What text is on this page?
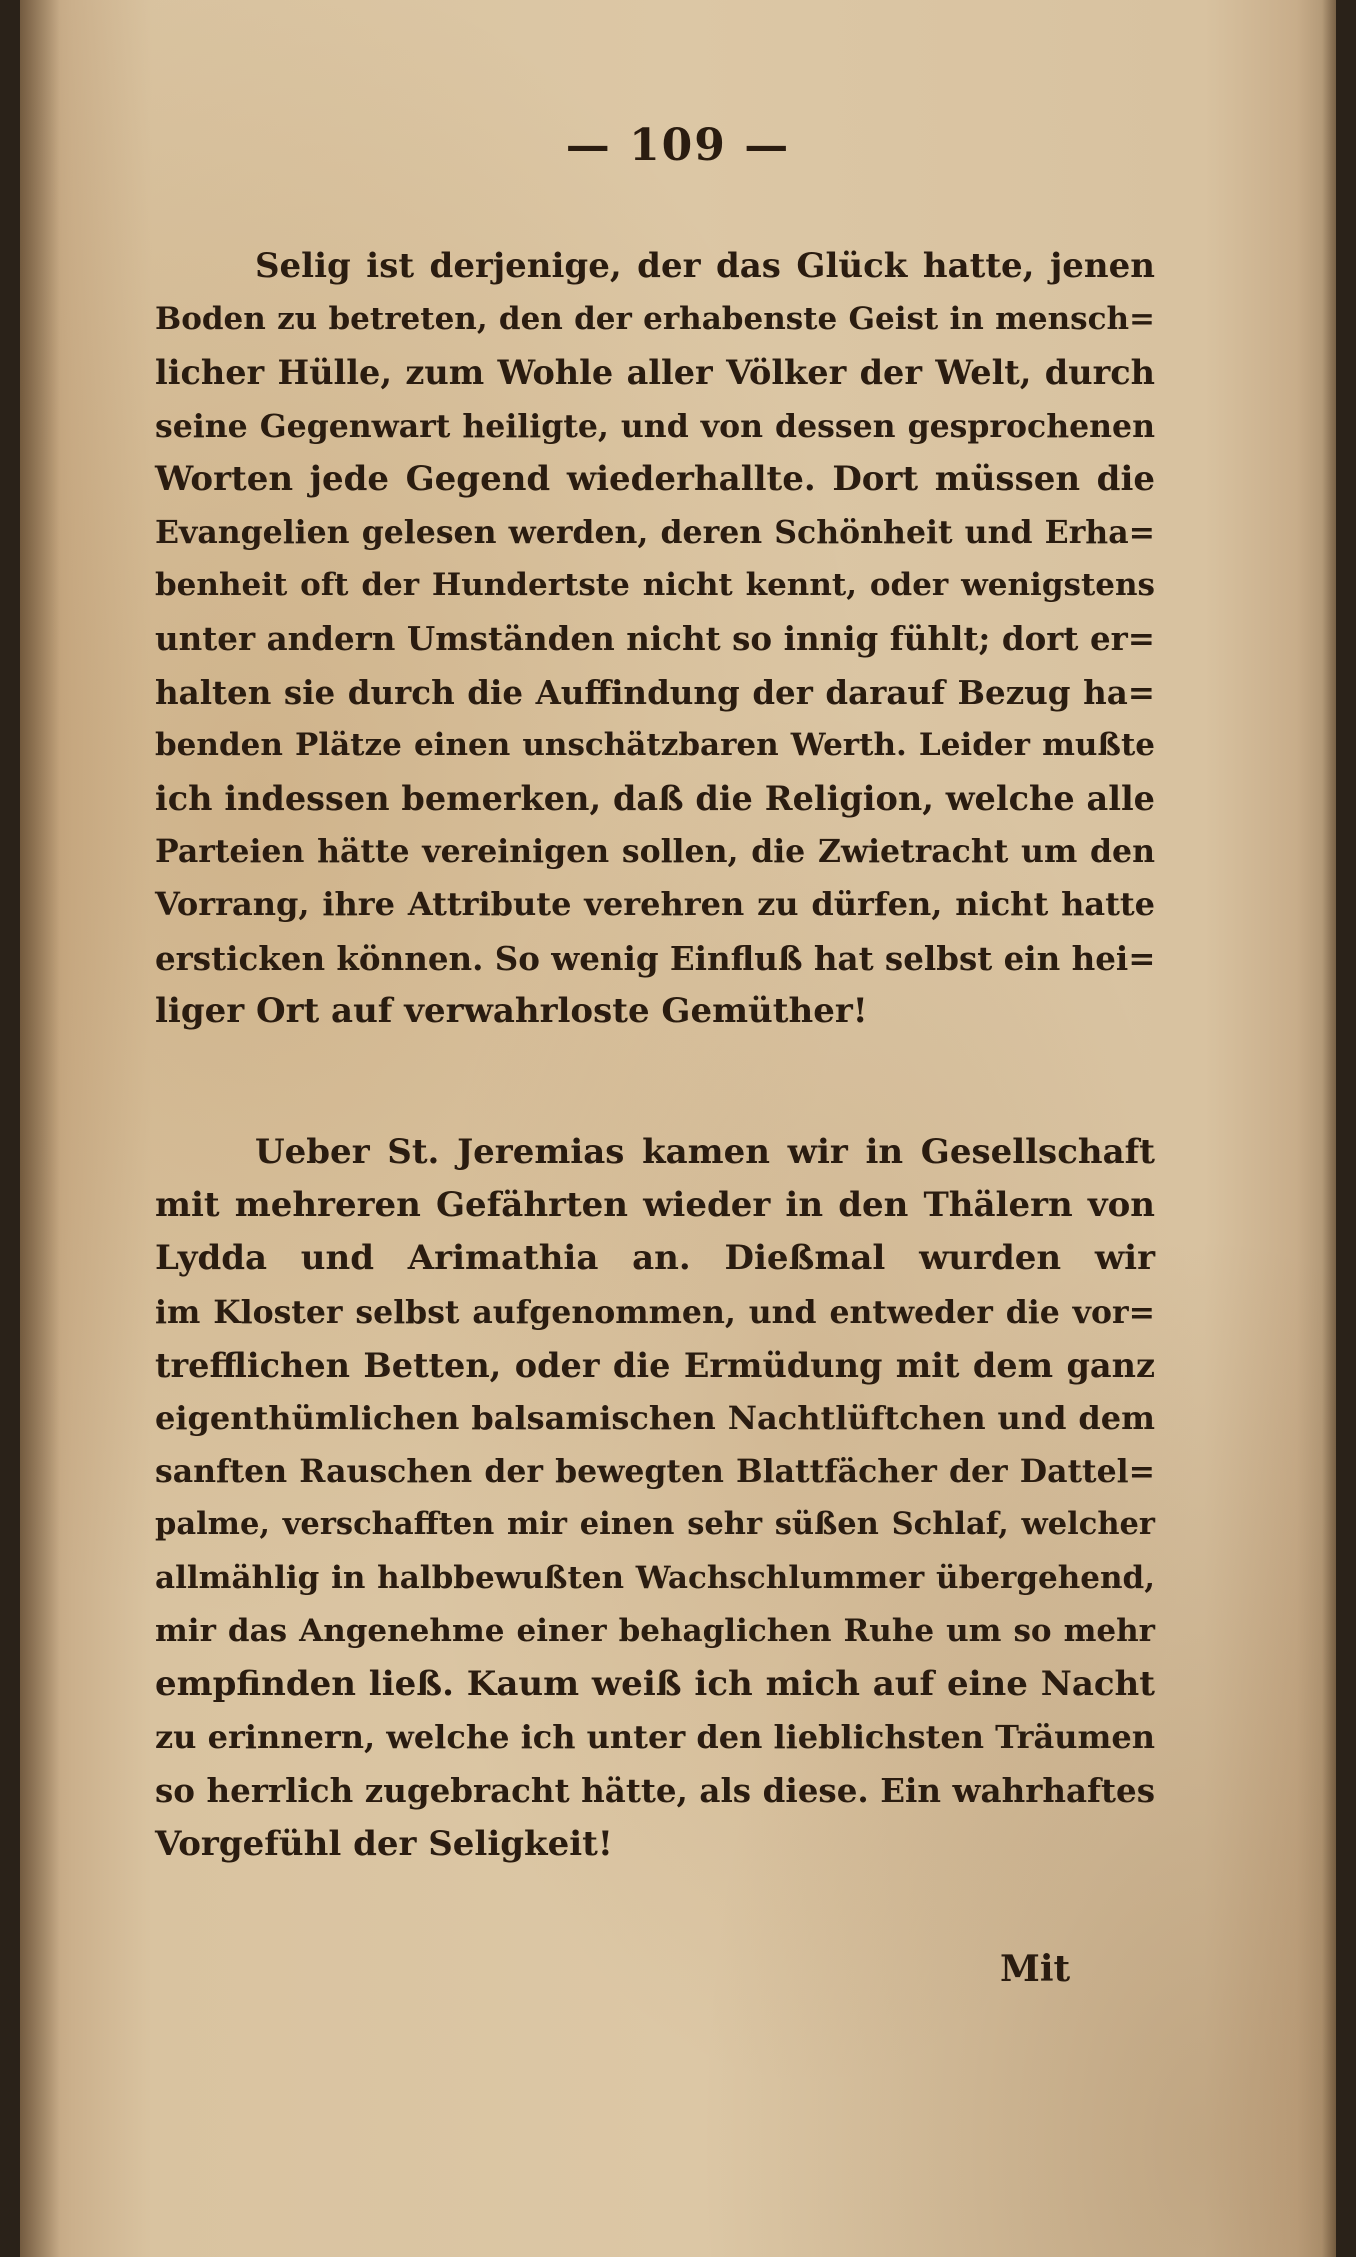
— 109 —
Selig ist derjenige, der das Glück hatte, jenen
Boden zu betreten, den der erhabenste Geist in mensch=
licher Hülle, zum Wohle aller Völker der Welt, durch
seine Gegenwart heiligte, und von dessen gesprochenen
Worten jede Gegend wiederhallte. Dort müssen die
Evangelien gelesen werden, deren Schönheit und Erha=
benheit oft der Hundertste nicht kennt, oder wenigstens
unter andern Umständen nicht so innig fühlt; dort er=
halten sie durch die Auffindung der darauf Bezug ha=
benden Plätze einen unschätzbaren Werth. Leider mußte
ich indessen bemerken, daß die Religion, welche alle
Parteien hätte vereinigen sollen, die Zwietracht um den
Vorrang, ihre Attribute verehren zu dürfen, nicht hatte
ersticken können. So wenig Einfluß hat selbst ein hei=
liger Ort auf verwahrloste Gemüther!
Ueber St. Jeremias kamen wir in Gesellschaft
mit mehreren Gefährten wieder in den Thälern von
Lydda und Arimathia an. Dießmal wurden wir
im Kloster selbst aufgenommen, und entweder die vor=
trefflichen Betten, oder die Ermüdung mit dem ganz
eigenthümlichen balsamischen Nachtlüftchen und dem
sanften Rauschen der bewegten Blattfächer der Dattel=
palme, verschafften mir einen sehr süßen Schlaf, welcher
allmählig in halbbewußten Wachschlummer übergehend,
mir das Angenehme einer behaglichen Ruhe um so mehr
empfinden ließ. Kaum weiß ich mich auf eine Nacht
zu erinnern, welche ich unter den lieblichsten Träumen
so herrlich zugebracht hätte, als diese. Ein wahrhaftes
Vorgefühl der Seligkeit!
Mit
